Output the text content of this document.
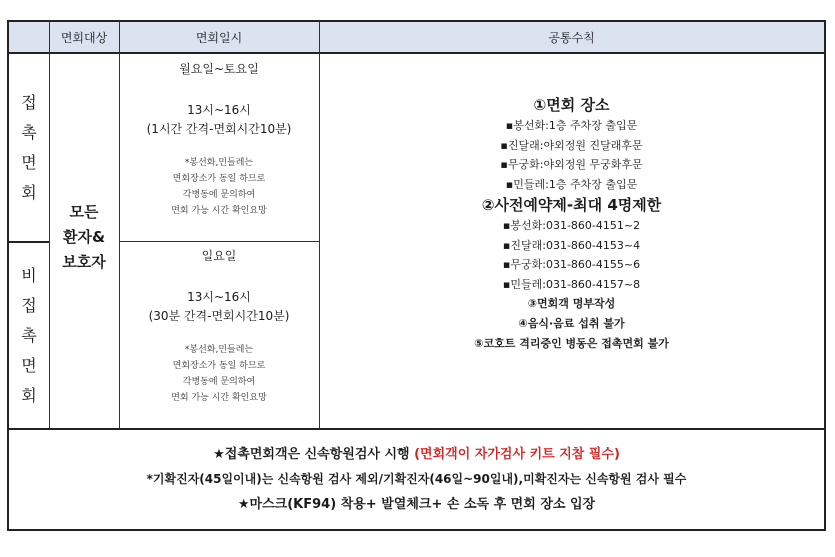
면회대상	면회일시	공통수칙
접
촉
면
회
비
접
촉
면
회
모든
환자&
보호자
월요일~토요일
13시~16시
(1시간 간격-면회시간10분)
*봉선화,민들레는
면회장소가 동일 하므로
각병동에 문의하여
면회 가능 시간 확인요망
일요일
13시~16시
(30분 간격-면회시간10분)
*봉선화,민들레는
면회장소가 동일 하므로
각병동에 문의하여
면회 가능 시간 확인요망
①면회 장소
▪봉선화:1층 주차장 출입문
▪진달래:야외정원 진달래후문
▪무궁화:야외정원 무궁화후문
▪민들레:1층 주차장 출입문
②사전예약제-최대 4명제한
▪봉선화:031-860-4151~2
▪진달래:031-860-4153~4
▪무궁화:031-860-4155~6
▪민들레:031-860-4157~8
③면회객 명부작성
④음식·음료 섭취 불가
⑤코호트 격리중인 병동은 접촉면회 불가
★접촉면회객은 신속항원검사 시행 (면회객이 자가검사 키트 지참 필수)
*기확진자(45일이내)는 신속항원 검사 제외/기확진자(46일~90일내),미확진자는 신속항원 검사 필수
★마스크(KF94) 착용+ 발열체크+ 손 소독 후 면회 장소 입장
